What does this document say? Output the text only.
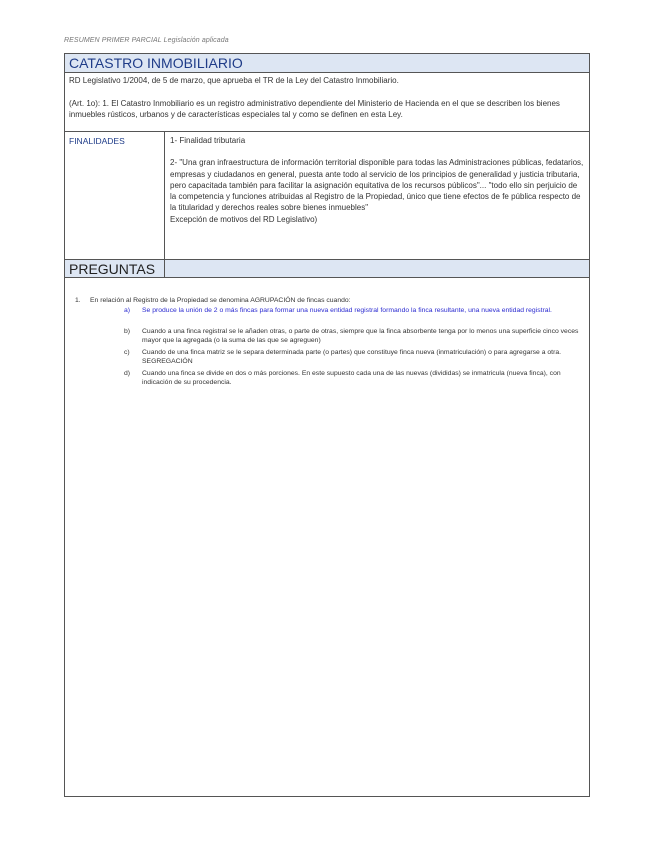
RESUMEN PRIMER PARCIAL Legislación aplicada
CATASTRO INMOBILIARIO
RD Legislativo 1/2004, de 5 de marzo, que aprueba el TR de la Ley del Catastro Inmobiliario.
(Art. 1o): 1. El Catastro Inmobiliario es un registro administrativo dependiente del Ministerio de Hacienda en el que se describen los bienes inmuebles rústicos, urbanos y de características especiales tal y como se definen en esta Ley.
FINALIDADES	1- Finalidad tributaria

2- "Una gran infraestructura de información territorial disponible para todas las Administraciones públicas, fedatarios, empresas y ciudadanos en general, puesta ante todo al servicio de los principios de generalidad y justicia tributaria, pero capacitada también para facilitar la asignación equitativa de los recursos públicos"... "todo ello sin perjuicio de la competencia y funciones atribuidas al Registro de la Propiedad, único que tiene efectos de fe pública respecto de la titularidad y derechos reales sobre bienes inmuebles"

Excepción de motivos del RD Legislativo)

PREGUNTAS
1. En relación al Registro de la Propiedad se denomina AGRUPACIÓN de fincas cuando:
a) Se produce la unión de 2 o más fincas para formar una nueva entidad registral formando la finca resultante, una nueva entidad registral.
b) Cuando a una finca registral se le añaden otras, o parte de otras, siempre que la finca absorbente tenga por lo menos una superficie cinco veces mayor que la agregada (o la suma de las que se agreguen)
c) Cuando de una finca matriz se le separa determinada parte (o partes) que constituye finca nueva (inmatriculación) o para agregarse a otra. SEGREGACIÓN
d) Cuando una finca se divide en dos o más porciones. En este supuesto cada una de las nuevas (divididas) se inmatricula (nueva finca), con indicación de su procedencia.
